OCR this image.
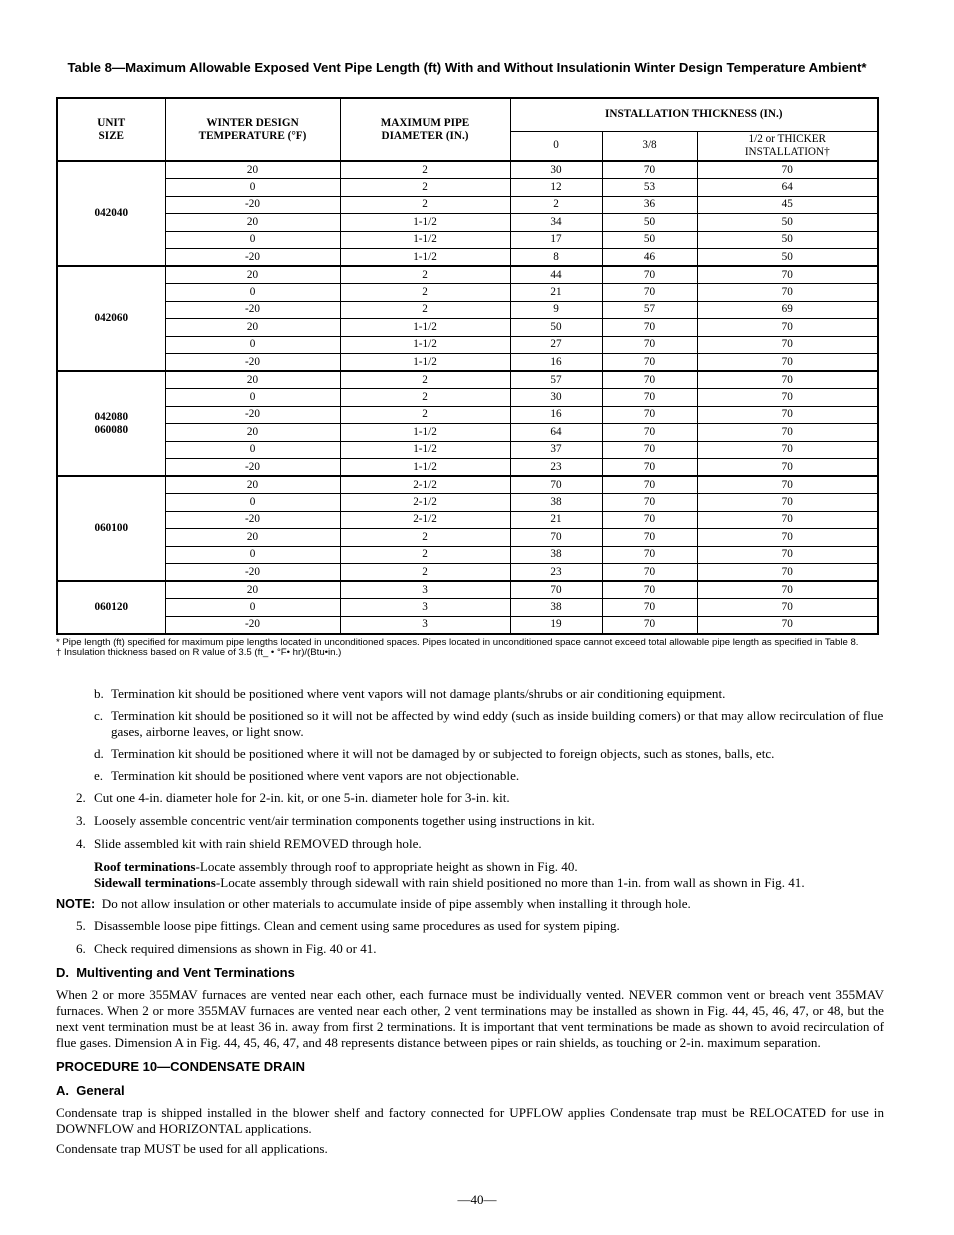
Table 8—Maximum Allowable Exposed Vent Pipe Length (ft) With and Without Insulationin Winter Design Temperature Ambient*
UNIT SIZE	WINTER DESIGN TEMPERATURE (°F)	MAXIMUM PIPE DIAMETER (IN.)	INSTALLATION THICKNESS (IN.)		
			0	3/8	1/2 or THICKER INSTALLATION†

042040	20	2	30	70	70
	0	2	12	53	64
	-20	2	2	36	45
	20	1-1/2	34	50	50
	0	1-1/2	17	50	50
	-20	1-1/2	8	46	50

042060	20	2	44	70	70
	0	2	21	70	70
	-20	2	9	57	69
	20	1-1/2	50	70	70
	0	1-1/2	27	70	70
	-20	1-1/2	16	70	70

042080
060080	20	2	57	70	70
	0	2	30	70	70
	-20	2	16	70	70
	20	1-1/2	64	70	70
	0	1-1/2	37	70	70
	-20	1-1/2	23	70	70

060100	20	2-1/2	70	70	70
	0	2-1/2	38	70	70
	-20	2-1/2	21	70	70
	20	2	70	70	70
	0	2	38	70	70
	-20	2	23	70	70

060120	20	3	70	70	70
	0	3	38	70	70
	-20	3	19	70	70
* Pipe length (ft) specified for maximum pipe lengths located in unconditioned spaces. Pipes located in unconditioned space cannot exceed total allowable pipe length as specified in Table 8.
† Insulation thickness based on R value of 3.5 (ft_ • °F• hr)/(Btu•in.)
b. Termination kit should be positioned where vent vapors will not damage plants/shrubs or air conditioning equipment.
c. Termination kit should be positioned so it will not be affected by wind eddy (such as inside building comers) or that may allow recirculation of flue gases, airborne leaves, or light snow.
d. Termination kit should be positioned where it will not be damaged by or subjected to foreign objects, such as stones, balls, etc.
e. Termination kit should be positioned where vent vapors are not objectionable.
2. Cut one 4-in. diameter hole for 2-in. kit, or one 5-in. diameter hole for 3-in. kit.
3. Loosely assemble concentric vent/air termination components together using instructions in kit.
4. Slide assembled kit with rain shield REMOVED through hole.
Roof terminations-Locate assembly through roof to appropriate height as shown in Fig. 40.
Sidewall terminations-Locate assembly through sidewall with rain shield positioned no more than 1-in. from wall as shown in Fig. 41.
NOTE: Do not allow insulation or other materials to accumulate inside of pipe assembly when installing it through hole.
5. Disassemble loose pipe fittings. Clean and cement using same procedures as used for system piping.
6. Check required dimensions as shown in Fig. 40 or 41.
D.  Multiventing and Vent Terminations
When 2 or more 355MAV furnaces are vented near each other, each furnace must be individually vented. NEVER common vent or breach vent 355MAV furnaces. When 2 or more 355MAV furnaces are vented near each other, 2 vent terminations may be installed as shown in Fig. 44, 45, 46, 47, or 48, but the next vent termination must be at least 36 in. away from first 2 terminations. It is important that vent terminations be made as shown to avoid recirculation of flue gases. Dimension A in Fig. 44, 45, 46, 47, and 48 represents distance between pipes or rain shields, as touching or 2-in. maximum separation.
PROCEDURE 10—CONDENSATE DRAIN
A.  General
Condensate trap is shipped installed in the blower shelf and factory connected for UPFLOW applies Condensate trap must be RELOCATED for use in DOWNFLOW and HORIZONTAL applications.
Condensate trap MUST be used for all applications.
—40—
